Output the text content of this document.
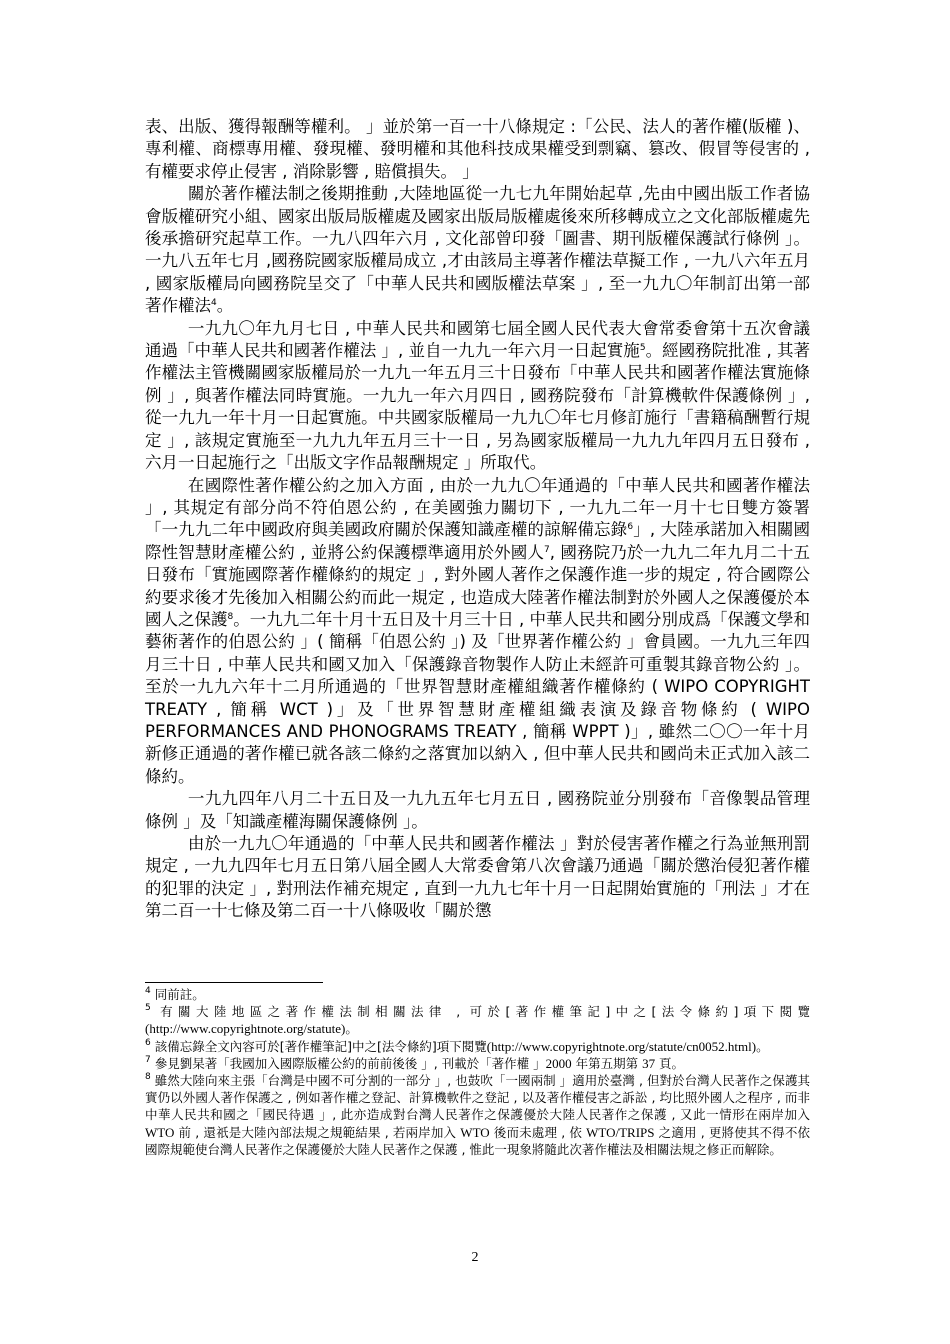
表、出版、獲得報酬等權利。 」並於第一百一十八條規定 :「公民、法人的著作權(版權 )、專利權、商標專用權、發現權、發明權和其他科技成果權受到剽竊、篡改、假冒等侵害的 , 有權要求停止侵害 , 消除影響 , 賠償損失。 」

關於著作權法制之後期推動 ,大陸地區從一九七九年開始起草 ,先由中國出版工作者協會版權研究小組、國家出版局版權處及國家出版局版權處後來所移轉成立之文化部版權處先後承擔研究起草工作。一九八四年六月 , 文化部曾印發「圖書、期刊版權保護試行條例 」。一九八五年七月 ,國務院國家版權局成立 ,才由該局主導著作權法草擬工作 , 一九八六年五月 , 國家版權局向國務院呈交了「中華人民共和國版權法草案 」, 至一九九〇年制訂出第一部著作權法$^4$。

一九九〇年九月七日 , 中華人民共和國第七屆全國人民代表大會常委會第十五次會議通過「中華人民共和國著作權法 」, 並自一九九一年六月一日起實施$^5$。經國務院批准 , 其著作權法主管機關國家版權局於一九九一年五月三十日發布「中華人民共和國著作權法實施條例 」, 與著作權法同時實施。一九九一年六月四日 , 國務院發布「計算機軟件保護條例 」, 從一九九一年十月一日起實施。中共國家版權局一九九〇年七月修訂施行「書籍稿酬暫行規定 」, 該規定實施至一九九九年五月三十一日 , 另為國家版權局一九九九年四月五日發布 , 六月一日起施行之「出版文字作品報酬規定 」所取代。

在國際性著作權公約之加入方面 , 由於一九九〇年通過的「中華人民共和國著作權法 」, 其規定有部分尚不符伯恩公約 , 在美國強力關切下 , 一九九二年一月十七日雙方簽署「一九九二年中國政府與美國政府關於保護知識產權的諒解備忘錄$^6$」, 大陸承諾加入相關國際性智慧財產權公約 , 並將公約保護標準適用於外國人$^7$, 國務院乃於一九九二年九月二十五日發布「實施國際著作權條約的規定 」, 對外國人著作之保護作進一步的規定 , 符合國際公約要求後才先後加入相關公約而此一規定 , 也造成大陸著作權法制對於外國人之保護優於本國人之保護$^8$。一九九二年十月十五日及十月三十日 , 中華人民共和國分別成爲「保護文學和藝術著作的伯恩公約 」( 簡稱「伯恩公約 」) 及「世界著作權公約 」會員國。一九九三年四月三十日 , 中華人民共和國又加入「保護錄音物製作人防止未經許可重製其錄音物公約 」。至於一九九六年十二月所通過的「世界智慧財產權組織著作權條約 ( WIPO COPYRIGHT TREATY , 簡稱 WCT )」及「世界智慧財產權組織表演及錄音物條約 ( WIPO PERFORMANCES AND PHONOGRAMS TREATY , 簡稱 WPPT )」, 雖然二〇〇一年十月新修正通過的著作權已就各該二條約之落實加以納入 , 但中華人民共和國尚未正式加入該二條約。

一九九四年八月二十五日及一九九五年七月五日 , 國務院並分別發布「音像製品管理條例 」及「知識產權海關保護條例 」。

由於一九九〇年通過的「中華人民共和國著作權法 」對於侵害著作權之行為並無刑罰規定 , 一九九四年七月五日第八屆全國人大常委會第八次會議乃通過「關於懲治侵犯著作權的犯罪的決定 」, 對刑法作補充規定 , 直到一九九七年十月一日起開始實施的「刑法 」才在第二百一十七條及第二百一十八條吸收「關於懲

$^4$ 同前註。

$^5$ 有關大陸地區之著作權法制相關法律 , 可於[著作權筆記]中之[法令條約]項下閱覽(http://www.copyrightnote.org/statute)。

$^6$ 該備忘錄全文內容可於[著作權筆記]中之[法令條約]項下閱覽(http://www.copyrightnote.org/statute/cn0052.html)。

$^7$ 參見劉杲著「我國加入國際版權公約的前前後後 」, 刊載於「著作權 」2000 年第五期第 37 頁。

$^8$ 雖然大陸向來主張「台灣是中國不可分割的一部分 」, 也鼓吹「一國兩制 」適用於臺灣 , 但對於台灣人民著作之保護其實仍以外國人著作保護之 , 例如著作權之登記、計算機軟件之登記 , 以及著作權侵害之訴訟 , 均比照外國人之程序 , 而非中華人民共和國之「國民待遇 」, 此亦造成對台灣人民著作之保護優於大陸人民著作之保護 , 又此一情形在兩岸加入 WTO 前 , 還祇是大陸內部法規之規範結果 , 若兩岸加入 WTO 後而未處理 , 依 WTO/TRIPS 之適用 , 更將使其不得不依國際規範使台灣人民著作之保護優於大陸人民著作之保護 , 惟此一現象將隨此次著作權法及相關法規之修正而解除。

2
